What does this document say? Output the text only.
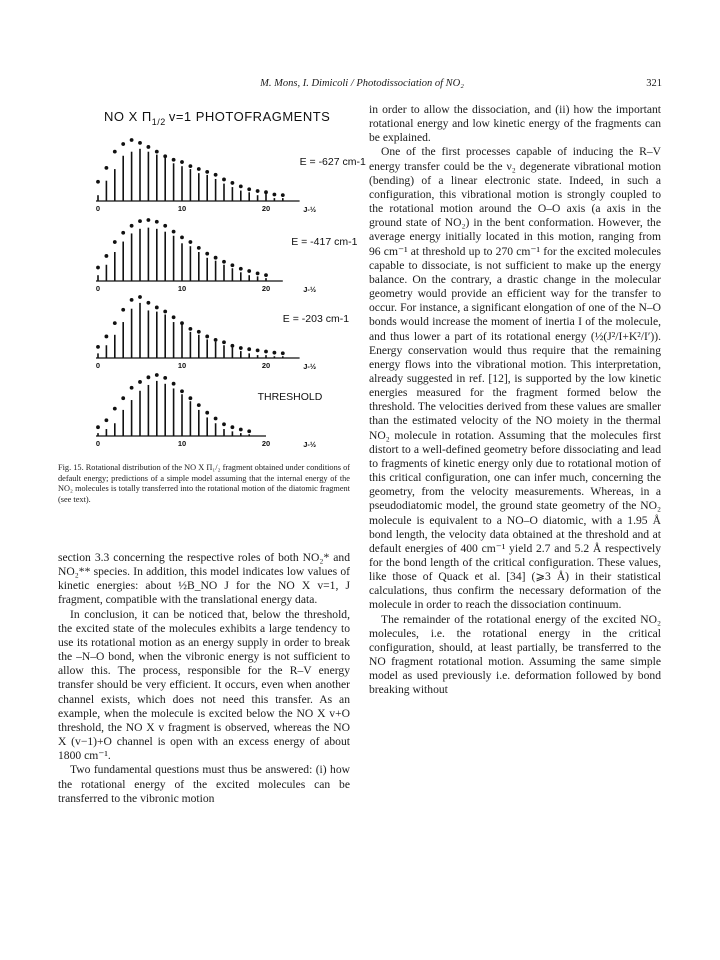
M. Mons, I. Dimicoli / Photodissociation of NO₂	321
NO X $\Pi_{1/2}$ v=1 PHOTOFRAGMENTS
0	10	20	J-½
E = -627 cm-1
0	10	20	J-½
E = -417 cm-1
0	10	20	J-½
E = -203 cm-1
0	10	20	J-½
THRESHOLD
Fig. 15. Rotational distribution of the NO X Π₁/₂ fragment obtained under conditions of default energy; predictions of a simple model assuming that the internal energy of the NO₂ molecules is totally transferred into the rotational motion of the diatomic fragment (see text).

section 3.3 concerning the respective roles of both NO₂* and NO₂** species. In addition, this model indicates low values of kinetic energies: about ½B_NO J for the NO X v=1, J fragment, compatible with the translational energy data.

In conclusion, it can be noticed that, below the threshold, the excited state of the molecules exhibits a large tendency to use its rotational motion as an energy supply in order to break the –N–O bond, when the vibronic energy is not sufficient to allow this. The process, responsible for the R–V energy transfer should be very efficient. It occurs, even when another channel exists, which does not need this transfer. As an example, when the molecule is excited below the NO X v+O threshold, the NO X v fragment is observed, whereas the NO X (v−1)+O channel is open with an excess energy of about 1800 cm⁻¹.

Two fundamental questions must thus be answered: (i) how the rotational energy of the excited molecules can be transferred to the vibronic motion

in order to allow the dissociation, and (ii) how the important rotational energy and low kinetic energy of the fragments can be explained.

One of the first processes capable of inducing the R–V energy transfer could be the ν₂ degenerate vibrational motion (bending) of a linear electronic state. Indeed, in such a configuration, this vibrational motion is strongly coupled to the rotational motion around the O–O axis (a axis in the ground state of NO₂) in the bent conformation. However, the average energy initially located in this motion, ranging from 96 cm⁻¹ at threshold up to 270 cm⁻¹ for the excited molecules capable to dissociate, is not sufficient to make up the energy balance. On the contrary, a drastic change in the molecular geometry would provide an efficient way for the transfer to occur. For instance, a significant elongation of one of the N–O bonds would increase the moment of inertia I of the molecule, and thus lower a part of its rotational energy (½(J²/I+K²/I′)). Energy conservation would thus require that the remaining energy flows into the vibrational motion. This interpretation, already suggested in ref. [12], is supported by the low kinetic energies measured for the fragment formed below the threshold. The velocities derived from these values are smaller than the estimated velocity of the NO moiety in the thermal NO₂ molecule in rotation. Assuming that the molecules first distort to a well-defined geometry before dissociating and lead to fragments of kinetic energy only due to rotational motion of this critical configuration, one can infer much, concerning the geometry, from the velocity measurements. Whereas, in a pseudodiatomic model, the ground state geometry of the NO₂ molecule is equivalent to a NO–O diatomic, with a 1.95 Å bond length, the velocity data obtained at the threshold and at default energies of 400 cm⁻¹ yield 2.7 and 5.2 Å respectively for the bond length of the critical configuration. These values, like those of Quack et al. [34] (⩾3 Å) in their statistical calculations, thus confirm the necessary deformation of the molecule in order to reach the dissociation continuum.

The remainder of the rotational energy of the excited NO₂ molecules, i.e. the rotational energy in the critical configuration, should, at least partially, be transferred to the NO fragment rotational motion. Assuming the same simple model as used previously i.e. deformation followed by bond breaking without
